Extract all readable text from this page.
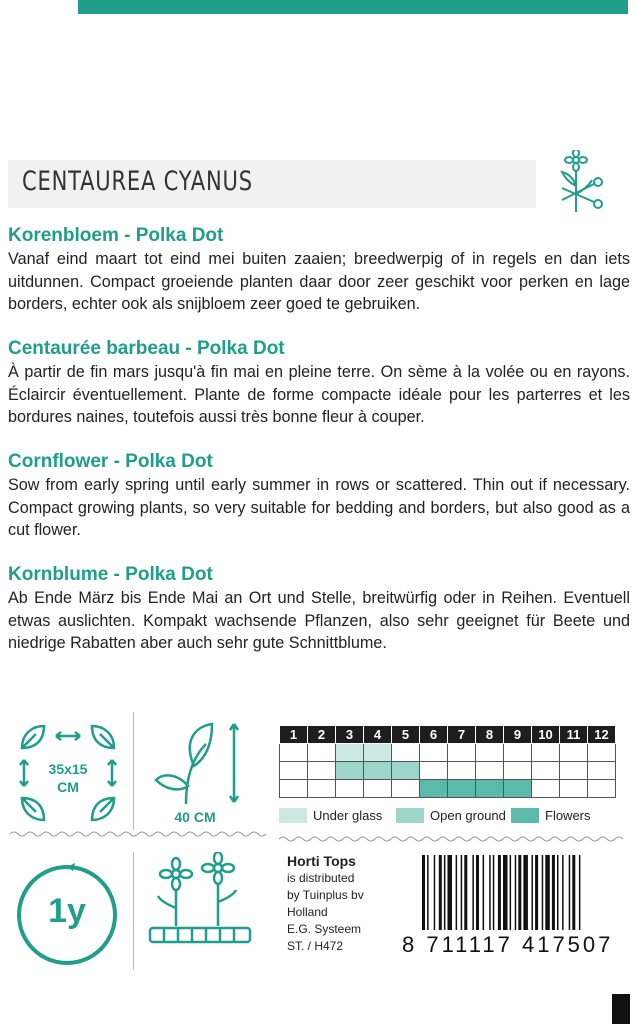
CENTAUREA CYANUS
Korenbloem - Polka Dot

Vanaf eind maart tot eind mei buiten zaaien; breedwerpig of in regels en dan iets uitdunnen. Compact groeiende planten daar door zeer geschikt voor perken en lage borders, echter ook als snijbloem zeer goed te gebruiken.

Centaurée barbeau - Polka Dot

À partir de fin mars jusqu'à fin mai en pleine terre. On sème à la volée ou en rayons. Éclaircir éventuellement. Plante de forme compacte idéale pour les parterres et les bordures naines, toutefois aussi très bonne fleur à couper.

Cornflower - Polka Dot

Sow from early spring until early summer in rows or scattered. Thin out if necessary. Compact growing plants, so very suitable for bedding and borders, but also good as a cut flower.

Kornblume - Polka Dot

Ab Ende März bis Ende Mai an Ort und Stelle, breitwürfig oder in Reihen. Eventuell etwas auslichten. Kompakt wachsende Pflanzen, also sehr geeignet für Beete und niedrige Rabatten aber auch sehr gute Schnittblume.

35x15
CM
40 CM
1	2	3	4	5	6	7	8	9	10	11	12

Under glass	Open ground	Flowers
1y
Horti Tops
is distributed
by Tuinplus bv
Holland
E.G. Systeem
ST. / H472	8 711117 417507
